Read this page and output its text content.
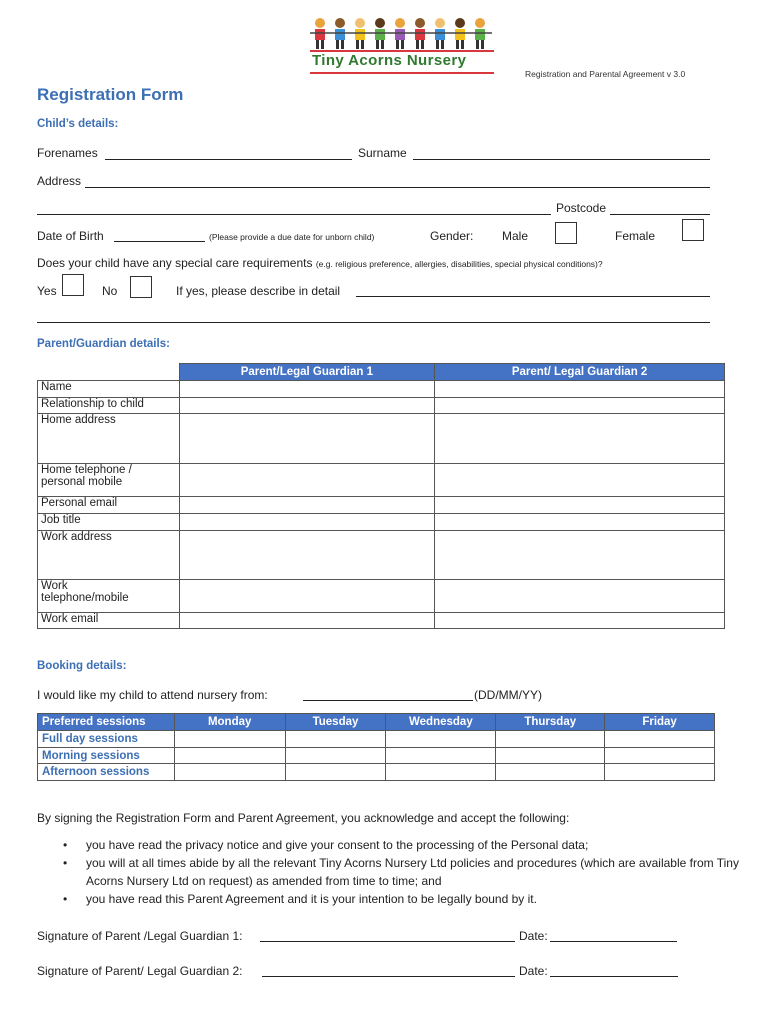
Tiny Acorns Nursery
Registration and Parental Agreement v 3.0
Registration Form
Child’s details:
Forenames	Surname
Address
Postcode
Date of Birth	(Please provide a due date for unborn child)	Gender: Male	Female
Does your child have any special care requirements (e.g. religious preference, allergies, disabilities, special physical conditions)?
Yes	No	If yes, please describe in detail
Parent/Guardian details:
	Parent/Legal Guardian 1	Parent/ Legal Guardian 2
Name		
Relationship to child		
Home address		
Home telephone / personal mobile		
Personal email		
Job title		
Work address		
Work telephone/mobile		
Work email		
Booking details:
I would like my child to attend nursery from:	(DD/MM/YY)
Preferred sessions	Monday	Tuesday	Wednesday	Thursday	Friday
Full day sessions					
Morning sessions					
Afternoon sessions					
By signing the Registration Form and Parent Agreement, you acknowledge and accept the following:
• you have read the privacy notice and give your consent to the processing of the Personal data;
• you will at all times abide by all the relevant Tiny Acorns Nursery Ltd policies and procedures (which are available from Tiny Acorns Nursery Ltd on request) as amended from time to time; and
• you have read this Parent Agreement and it is your intention to be legally bound by it.
Signature of Parent /Legal Guardian 1:	Date:
Signature of Parent/ Legal Guardian 2:	Date:
